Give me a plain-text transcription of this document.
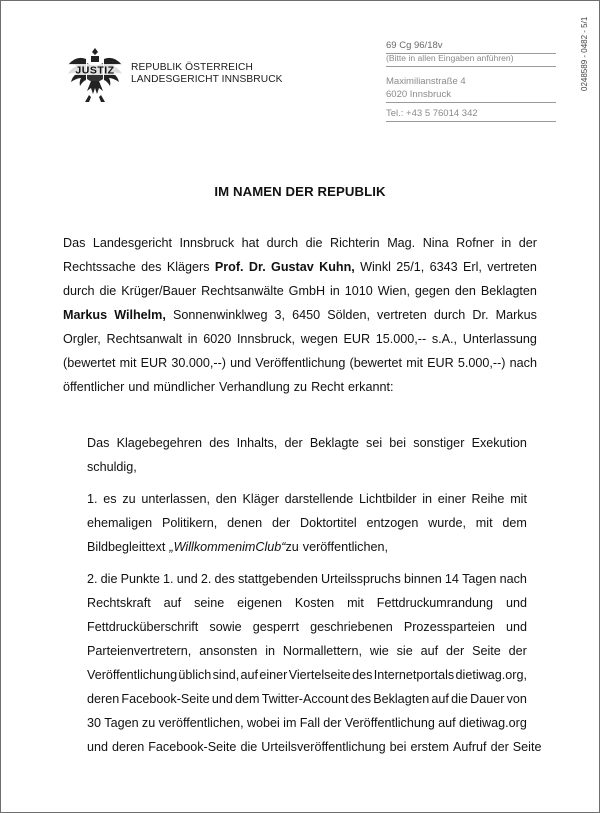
JUSTIZ REPUBLIK ÖSTERREICH
LANDESGERICHT INNSBRUCK
69 Cg 96/18v
(Bitte in allen Eingaben anführen)
Maximilianstraße 4
6020 Innsbruck
Tel.: +43 5 76014 342
0248589 - 0482 - 5/1
IM NAMEN DER REPUBLIK
Das Landesgericht Innsbruck hat durch die Richterin Mag. Nina Rofner in der
Rechtssache des Klägers Prof. Dr. Gustav Kuhn, Winkl 25/1, 6343 Erl, vertreten
durch die Krüger/Bauer Rechtsanwälte GmbH in 1010 Wien, gegen den Beklagten
Markus Wilhelm, Sonnenwinklweg 3, 6450 Sölden, vertreten durch Dr. Markus
Orgler, Rechtsanwalt in 6020 Innsbruck, wegen EUR 15.000,-- s.A., Unterlassung
(bewertet mit EUR 30.000,--) und Veröffentlichung (bewertet mit EUR 5.000,--) nach
öffentlicher und mündlicher Verhandlung zu Recht erkannt:
Das Klagebegehren des Inhalts, der Beklagte sei bei sonstiger Exekution
schuldig,
1. es zu unterlassen, den Kläger darstellende Lichtbilder in einer Reihe mit
ehemaligen Politikern, denen der Doktortitel entzogen wurde, mit dem
Bildbegleittext „Willkommen im Club“ zu veröffentlichen,
2. die Punkte 1. und 2. des stattgebenden Urteilsspruchs binnen 14 Tagen nach
Rechtskraft auf seine eigenen Kosten mit Fettdruckumrandung und
Fettdrucküberschrift sowie gesperrt geschriebenen Prozessparteien und
Parteienvertretern, ansonsten in Normallettern, wie sie auf der Seite der
Veröffentlichung üblich sind, auf einer Viertelseite des Internetportals dietiwag.org,
deren Facebook-Seite und dem Twitter-Account des Beklagten auf die Dauer von
30 Tagen zu veröffentlichen, wobei im Fall der Veröffentlichung auf dietiwag.org
und deren Facebook-Seite die Urteilsveröffentlichung bei erstem Aufruf der Seite
